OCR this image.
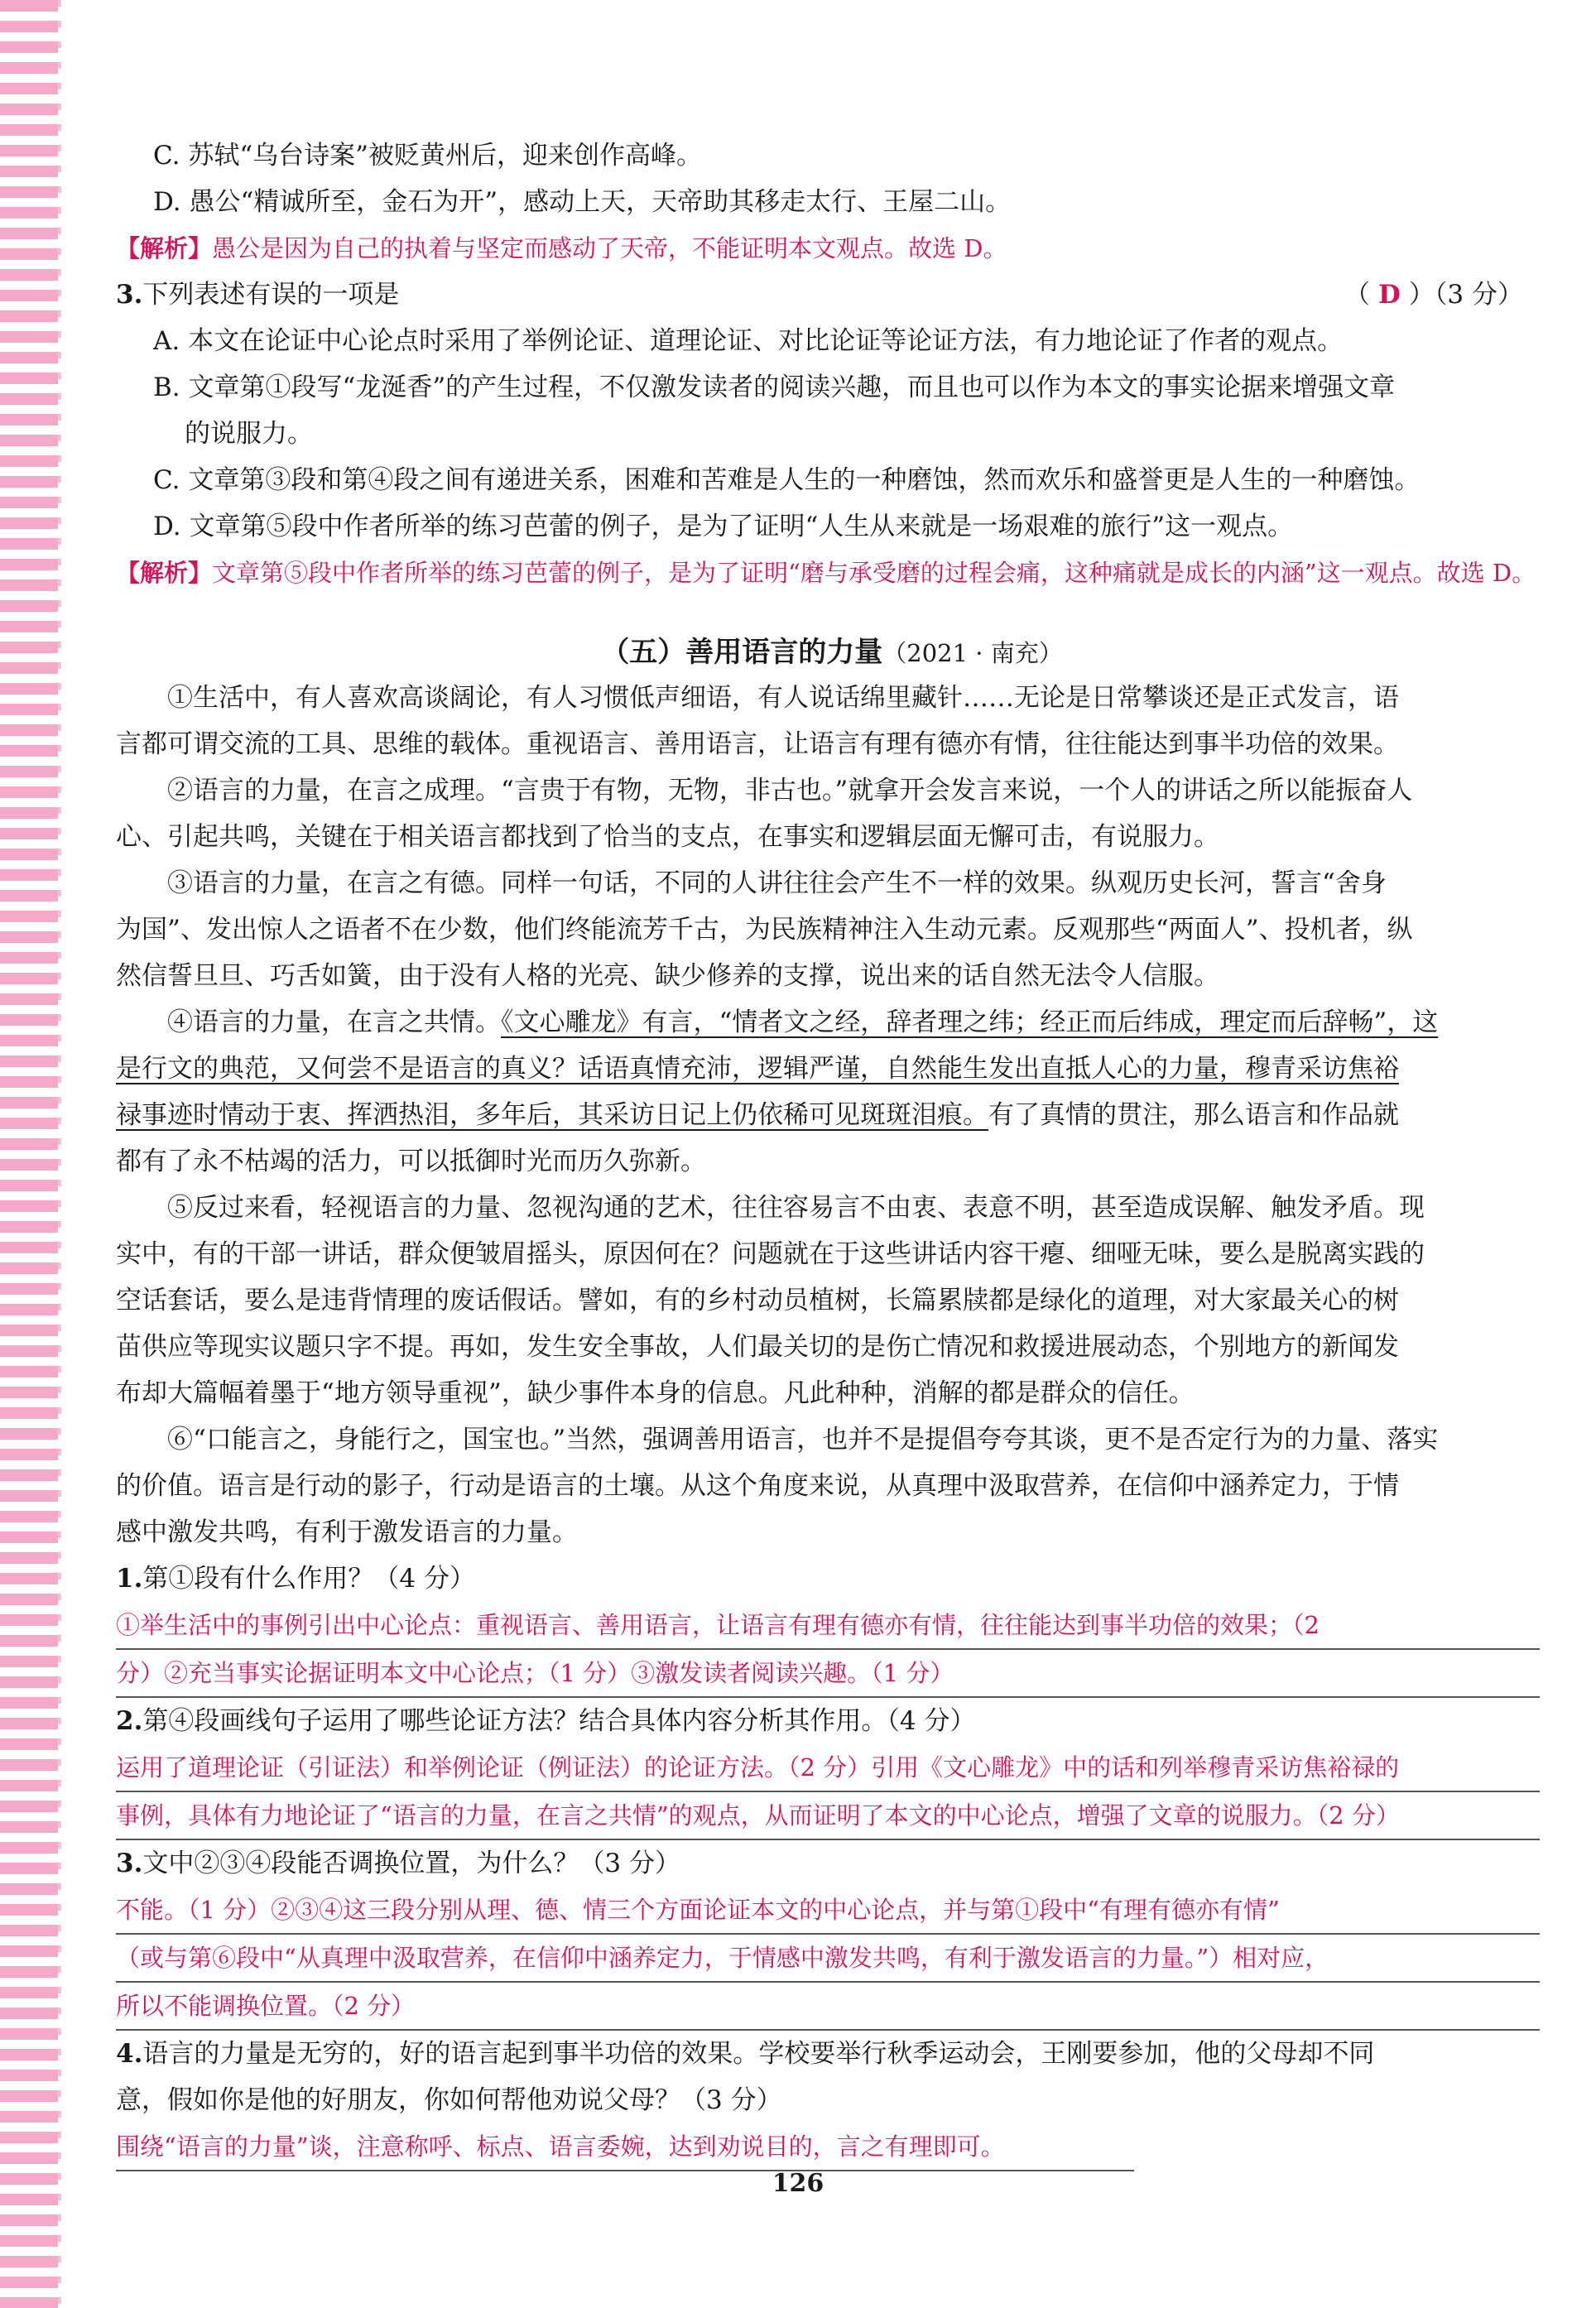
C. 苏轼“乌台诗案”被贬黄州后，迎来创作高峰。
D. 愚公“精诚所至，金石为开”，感动上天，天帝助其移走太行、王屋二山。
【解析】愚公是因为自己的执着与坚定而感动了天帝，不能证明本文观点。故选 D。
3.下列表述有误的一项是	（ D ）（3 分）
A. 本文在论证中心论点时采用了举例论证、道理论证、对比论证等论证方法，有力地论证了作者的观点。
B. 文章第①段写“龙涎香”的产生过程，不仅激发读者的阅读兴趣，而且也可以作为本文的事实论据来增强文章
的说服力。
C. 文章第③段和第④段之间有递进关系，困难和苦难是人生的一种磨蚀，然而欢乐和盛誉更是人生的一种磨蚀。
D. 文章第⑤段中作者所举的练习芭蕾的例子，是为了证明“人生从来就是一场艰难的旅行”这一观点。
【解析】文章第⑤段中作者所举的练习芭蕾的例子，是为了证明“磨与承受磨的过程会痛，这种痛就是成长的内涵”这一观点。故选 D。
（五）善用语言的力量（2021 · 南充）
①生活中，有人喜欢高谈阔论，有人习惯低声细语，有人说话绵里藏针……无论是日常攀谈还是正式发言，语
言都可谓交流的工具、思维的载体。重视语言、善用语言，让语言有理有德亦有情，往往能达到事半功倍的效果。
②语言的力量，在言之成理。“言贵于有物，无物，非古也。”就拿开会发言来说，一个人的讲话之所以能振奋人
心、引起共鸣，关键在于相关语言都找到了恰当的支点，在事实和逻辑层面无懈可击，有说服力。
③语言的力量，在言之有德。同样一句话，不同的人讲往往会产生不一样的效果。纵观历史长河，誓言“舍身
为国”、发出惊人之语者不在少数，他们终能流芳千古，为民族精神注入生动元素。反观那些“两面人”、投机者，纵
然信誓旦旦、巧舌如簧，由于没有人格的光亮、缺少修养的支撑，说出来的话自然无法令人信服。
④语言的力量，在言之共情。《文心雕龙》有言，“情者文之经，辞者理之纬；经正而后纬成，理定而后辞畅”，这
是行文的典范，又何尝不是语言的真义？话语真情充沛，逻辑严谨，自然能生发出直抵人心的力量，穆青采访焦裕
禄事迹时情动于衷、挥洒热泪，多年后，其采访日记上仍依稀可见斑斑泪痕。有了真情的贯注，那么语言和作品就
都有了永不枯竭的活力，可以抵御时光而历久弥新。
⑤反过来看，轻视语言的力量、忽视沟通的艺术，往往容易言不由衷、表意不明，甚至造成误解、触发矛盾。现
实中，有的干部一讲话，群众便皱眉摇头，原因何在？问题就在于这些讲话内容干瘪、细哑无味，要么是脱离实践的
空话套话，要么是违背情理的废话假话。譬如，有的乡村动员植树，长篇累牍都是绿化的道理，对大家最关心的树
苗供应等现实议题只字不提。再如，发生安全事故，人们最关切的是伤亡情况和救援进展动态，个别地方的新闻发
布却大篇幅着墨于“地方领导重视”，缺少事件本身的信息。凡此种种，消解的都是群众的信任。
⑥“口能言之，身能行之，国宝也。”当然，强调善用语言，也并不是提倡夸夸其谈，更不是否定行为的力量、落实
的价值。语言是行动的影子，行动是语言的土壤。从这个角度来说，从真理中汲取营养，在信仰中涵养定力，于情
感中激发共鸣，有利于激发语言的力量。
1.第①段有什么作用？（4 分）
①举生活中的事例引出中心论点：重视语言、善用语言，让语言有理有德亦有情，往往能达到事半功倍的效果；（2
分）②充当事实论据证明本文中心论点；（1 分）③激发读者阅读兴趣。（1 分）
2.第④段画线句子运用了哪些论证方法？结合具体内容分析其作用。（4 分）
运用了道理论证（引证法）和举例论证（例证法）的论证方法。（2 分）引用《文心雕龙》中的话和列举穆青采访焦裕禄的
事例，具体有力地论证了“语言的力量，在言之共情”的观点，从而证明了本文的中心论点，增强了文章的说服力。（2 分）
3.文中②③④段能否调换位置，为什么？（3 分）
不能。（1 分）②③④这三段分别从理、德、情三个方面论证本文的中心论点，并与第①段中“有理有德亦有情”
（或与第⑥段中“从真理中汲取营养，在信仰中涵养定力，于情感中激发共鸣，有利于激发语言的力量。”）相对应，
所以不能调换位置。（2 分）
4.语言的力量是无穷的，好的语言起到事半功倍的效果。学校要举行秋季运动会，王刚要参加，他的父母却不同
意，假如你是他的好朋友，你如何帮他劝说父母？（3 分）
围绕“语言的力量”谈，注意称呼、标点、语言委婉，达到劝说目的，言之有理即可。
126
